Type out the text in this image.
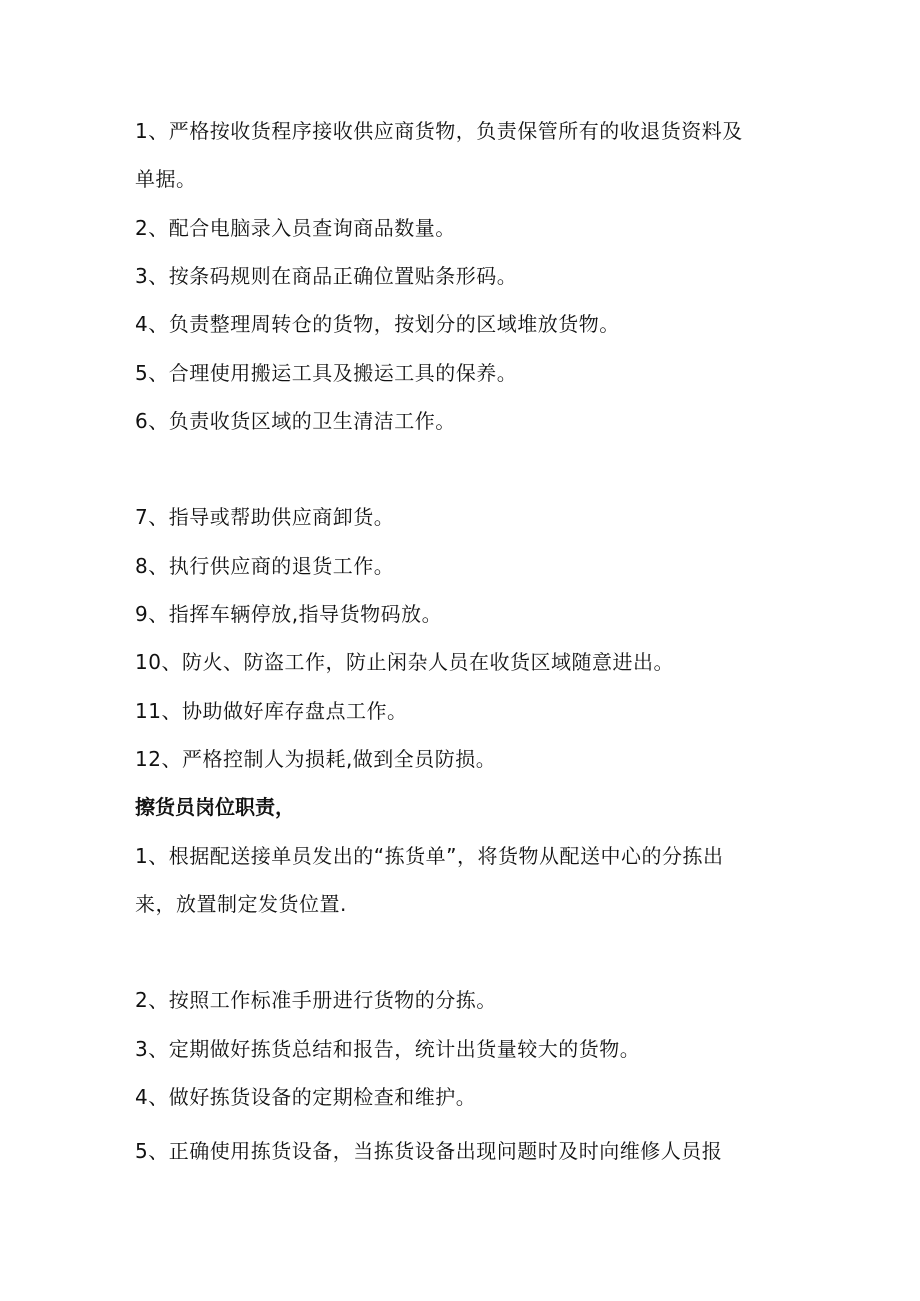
1、严格按收货程序接收供应商货物，负责保管所有的收退货资料及
单据。
2、配合电脑录入员查询商品数量。
3、按条码规则在商品正确位置贴条形码。
4、负责整理周转仓的货物，按划分的区域堆放货物。
5、合理使用搬运工具及搬运工具的保养。
6、负责收货区域的卫生清洁工作。
7、指导或帮助供应商卸货。
8、执行供应商的退货工作。
9、指挥车辆停放,指导货物码放。
10、防火、防盗工作，防止闲杂人员在收货区域随意进出。
11、协助做好库存盘点工作。
12、严格控制人为损耗,做到全员防损。
擦货员岗位职责，
1、根据配送接单员发出的“拣货单”，将货物从配送中心的分拣出
来，放置制定发货位置.
2、按照工作标准手册进行货物的分拣。
3、定期做好拣货总结和报告，统计出货量较大的货物。
4、做好拣货设备的定期检查和维护。
5、正确使用拣货设备，当拣货设备出现问题时及时向维修人员报
